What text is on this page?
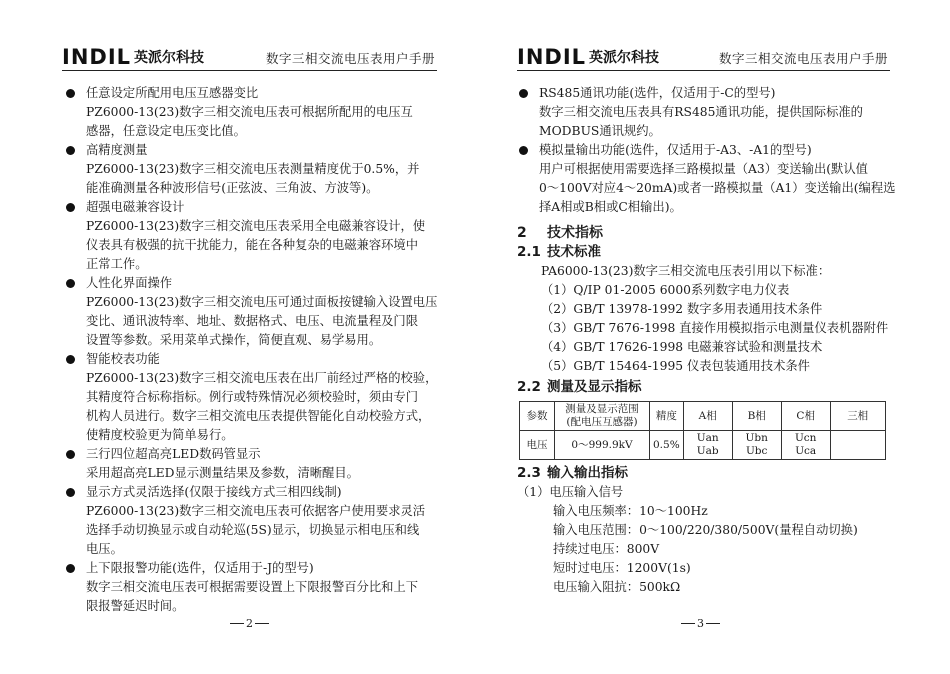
INDIL 英派尔科技	数字三相交流电压表用户手册
任意设定所配用电压互感器变比
PZ6000-13(23)数字三相交流电压表可根据所配用的电压互
感器，任意设定电压变比值。
高精度测量
PZ6000-13(23)数字三相交流电压表测量精度优于0.5%，并
能准确测量各种波形信号(正弦波、三角波、方波等)。
超强电磁兼容设计
PZ6000-13(23)数字三相交流电压表采用全电磁兼容设计，使
仪表具有极强的抗干扰能力，能在各种复杂的电磁兼容环境中
正常工作。
人性化界面操作
PZ6000-13(23)数字三相交流电压可通过面板按键输入设置电压
变比、通讯波特率、地址、数据格式、电压、电流量程及门限
设置等参数。采用菜单式操作，简便直观、易学易用。
智能校表功能
PZ6000-13(23)数字三相交流电压表在出厂前经过严格的校验，
其精度符合标称指标。例行或特殊情况必须校验时，须由专门
机构人员进行。数字三相交流电压表提供智能化自动校验方式，
使精度校验更为简单易行。
三行四位超高亮LED数码管显示
采用超高亮LED显示测量结果及参数，清晰醒目。
显示方式灵活选择(仅限于接线方式三相四线制)
PZ6000-13(23)数字三相交流电压表可依据客户使用要求灵活
选择手动切换显示或自动轮巡(5S)显示，切换显示相电压和线
电压。
上下限报警功能(选件，仅适用于-J的型号)
数字三相交流电压表可根据需要设置上下限报警百分比和上下
限报警延迟时间。
2
INDIL 英派尔科技	数字三相交流电压表用户手册
RS485通讯功能(选件，仅适用于-C的型号)
数字三相交流电压表具有RS485通讯功能，提供国际标准的
MODBUS通讯规约。
模拟量输出功能(选件，仅适用于-A3、-A1的型号)
用户可根据使用需要选择三路模拟量（A3）变送输出(默认值
0～100V对应4～20mA)或者一路模拟量（A1）变送输出(编程选
择A相或B相或C相输出)。
2 技术指标
2.1 技术标准
PA6000-13(23)数字三相交流电压表引用以下标准：
（1）Q/IP 01-2005 6000系列数字电力仪表
（2）GB/T 13978-1992 数字多用表通用技术条件
（3）GB/T 7676-1998 直接作用模拟指示电测量仪表机器附件
（4）GB/T 17626-1998 电磁兼容试验和测量技术
（5）GB/T 15464-1995 仪表包装通用技术条件
2.2 测量及显示指标
参数	测量及显示范围
(配电压互感器)	精度	A相	B相	C相	三相
电压	0～999.9kV	0.5%	Uan Uab	Ubn Ubc	Ucn Uca	
2.3 输入输出指标
（1）电压输入信号
输入电压频率：10～100Hz
输入电压范围：0～100/220/380/500V(量程自动切换)
持续过电压：800V
短时过电压：1200V(1s)
电压输入阻抗：500kΩ
3
